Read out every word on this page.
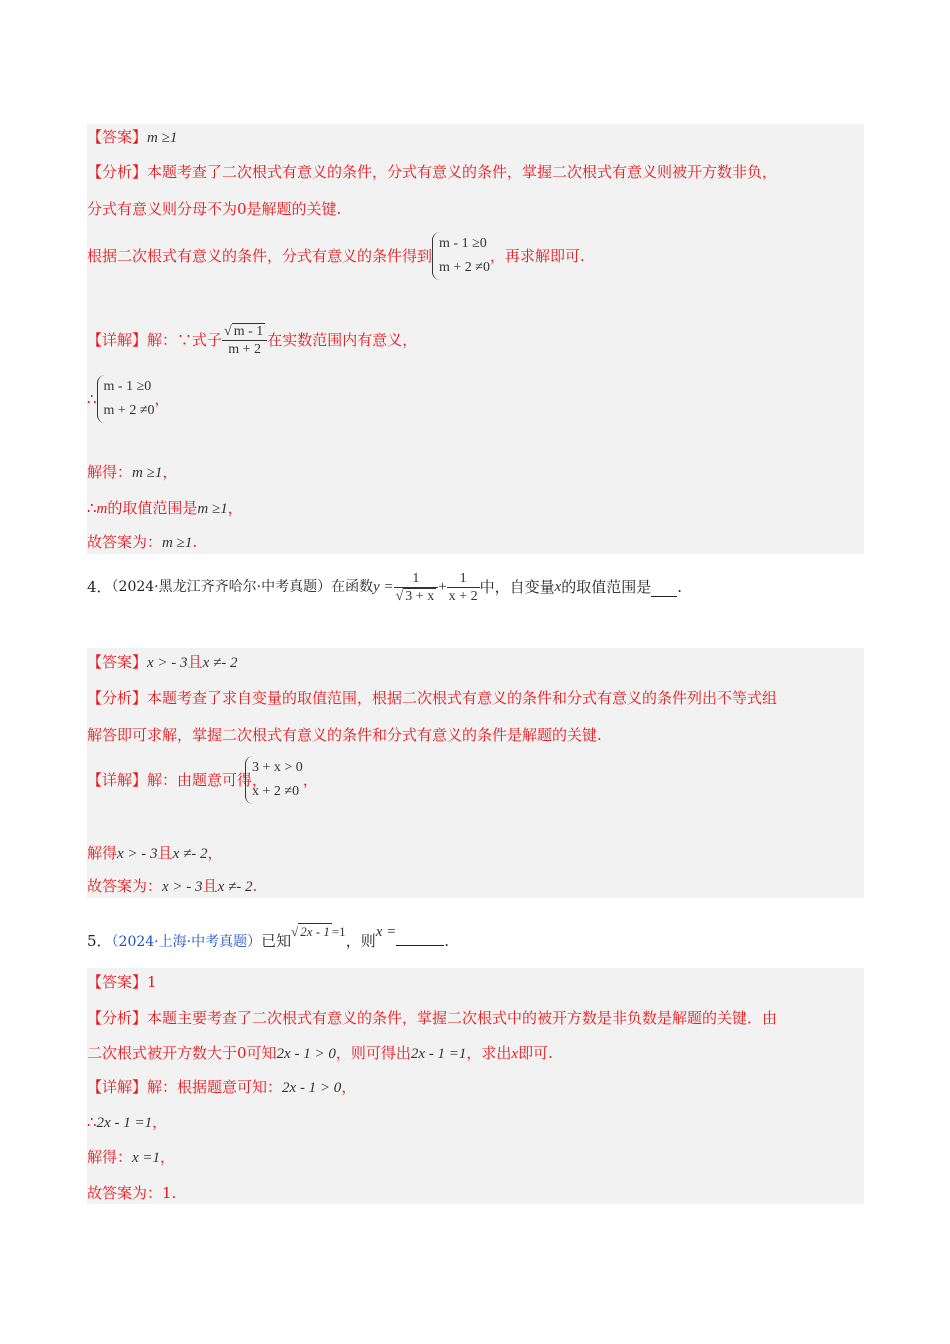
【答案】m ≥1
【分析】本题考查了二次根式有意义的条件，分式有意义的条件，掌握二次根式有意义则被开方数非负，
分式有意义则分母不为0是解题的关键.
根据二次根式有意义的条件，分式有意义的条件得到
m - 1 ≥0
m + 2 ≠0
，再求解即可.
【详解】解：∵式子 $\frac{√ m - 1}{m + 2}$ 在实数范围内有意义，
∴
m - 1 ≥0
m + 2 ≠0
，
解得：m ≥1，
∴m的取值范围是m ≥1，
故答案为：m ≥1.
4．（2024·黑龙江齐齐哈尔·中考真题）在函数$y = \frac{1}{√ 3 + x} + \frac{1}{x + 2}$ 中，自变量x的取值范围是 .
【答案】x > - 3且x ≠- 2
【分析】本题考查了求自变量的取值范围，根据二次根式有意义的条件和分式有意义的条件列出不等式组
解答即可求解，掌握二次根式有意义的条件和分式有意义的条件是解题的关键.
【详解】解：由题意可得，
3 + x > 0
x + 2 ≠0
，
解得x > - 3且x ≠- 2，
故答案为：x > - 3且x ≠- 2.
5．（2024·上海·中考真题）已知√ 2x - 1 =1，则x =	.
【答案】1
【分析】本题主要考查了二次根式有意义的条件，掌握二次根式中的被开方数是非负数是解题的关键．由
二次根式被开方数大于0可知2x - 1 > 0，则可得出2x - 1 =1，求出x即可.
【详解】解：根据题意可知：2x - 1 > 0，
∴2x - 1 =1，
解得：x =1，
故答案为：1.
